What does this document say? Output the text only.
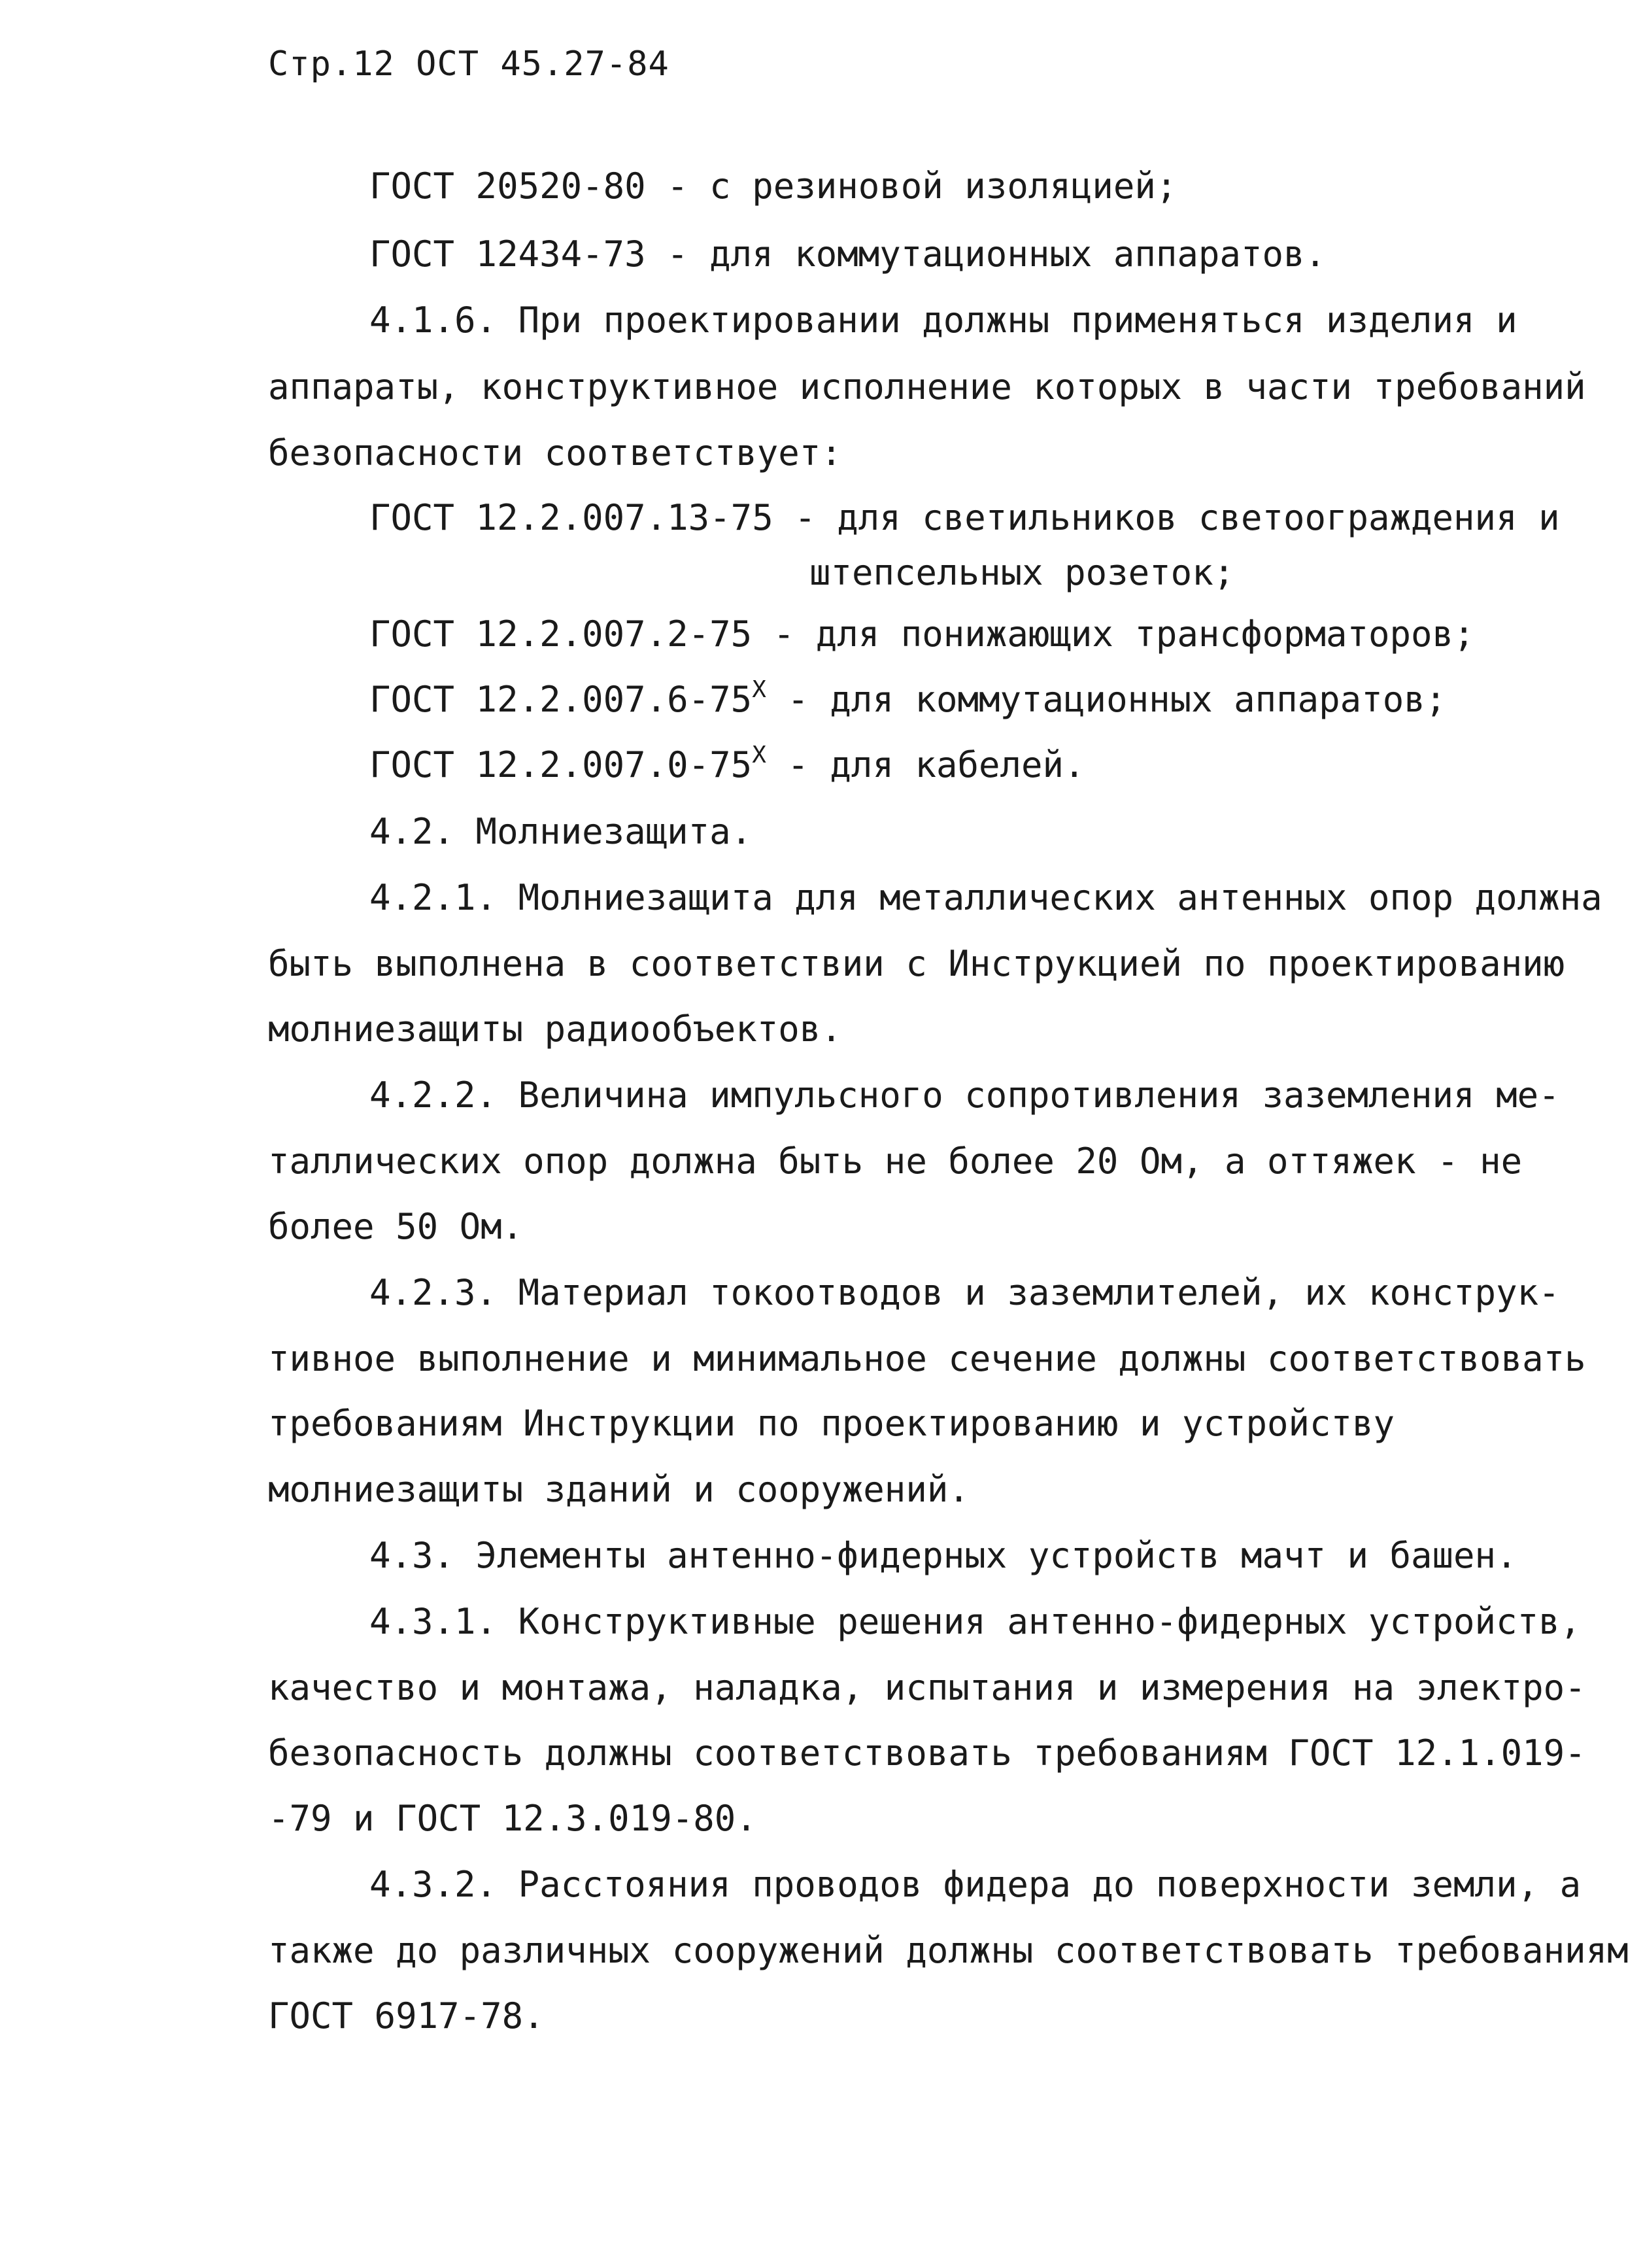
Стр.12 ОСТ 45.27-84
ГОСТ 20520-80 - с резиновой изоляцией;
ГОСТ 12434-73 - для коммутационных аппаратов.
4.1.6. При проектировании должны применяться изделия и
аппараты, конструктивное исполнение которых в части требований
безопасности соответствует:
ГОСТ 12.2.007.13-75 - для светильников светоограждения и
штепсельных розеток;
ГОСТ 12.2.007.2-75 - для понижающих трансформаторов;
ГОСТ $12.2.007.6-75^Х$ - для коммутационных аппаратов;
ГОСТ $12.2.007.0-75^Х$ - для кабелей.
4.2. Молниезащита.
4.2.1. Молниезащита для металлических антенных опор должна
быть выполнена в соответствии с Инструкцией по проектированию
молниезащиты радиообъектов.
4.2.2. Величина импульсного сопротивления заземления ме-
таллических опор должна быть не более 20 Ом, а оттяжек - не
более 50 Ом.
4.2.3. Материал токоотводов и заземлителей, их конструк-
тивное выполнение и минимальное сечение должны соответствовать
требованиям Инструкции по проектированию и устройству
молниезащиты зданий и сооружений.
4.3. Элементы антенно-фидерных устройств мачт и башен.
4.3.1. Конструктивные решения антенно-фидерных устройств,
качество и монтажа, наладка, испытания и измерения на электро-
безопасность должны соответствовать требованиям ГОСТ 12.1.019-
-79 и ГОСТ 12.3.019-80.
4.3.2. Расстояния проводов фидера до поверхности земли, а
также до различных сооружений должны соответствовать требованиям
ГОСТ 6917-78.
